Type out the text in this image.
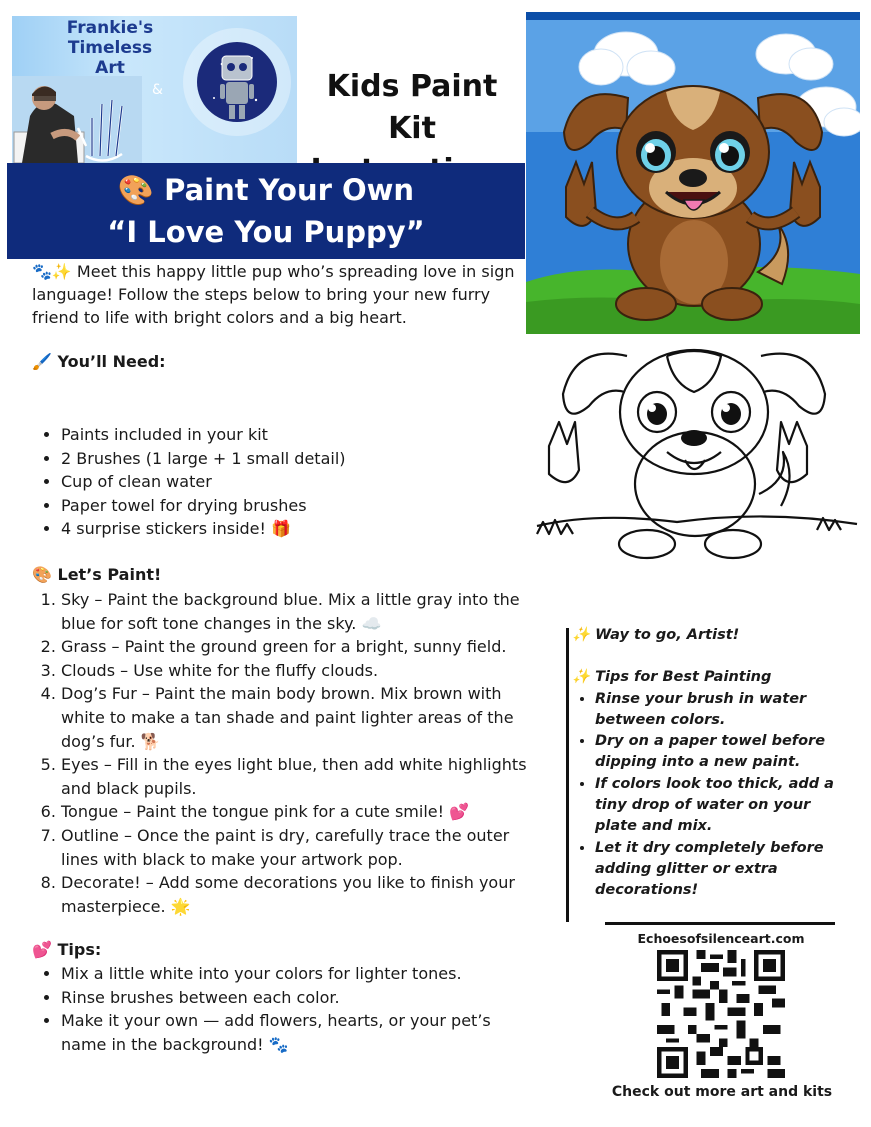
Frankie's Timeless Art
&	Kids Paint Kit
🎨 Paint Your Own
“I Love You Puppy”
🐾✨ Meet this happy little pup who’s spreading love in sign language! Follow the steps below to bring your new furry friend to life with bright colors and a big heart.
🖌️ You’ll Need:
• Paints included in your kit
• 2 Brushes (1 large + 1 small detail)
• Cup of clean water
• Paper towel for drying brushes
• 4 surprise stickers inside! 🎁
🎨 Let’s Paint!
1. Sky – Paint the background blue. Mix a little gray into the blue for soft tone changes in the sky. ☁️
2. Grass – Paint the ground green for a bright, sunny field.
3. Clouds – Use white for the fluffy clouds.
4. Dog’s Fur – Paint the main body brown. Mix brown with white to make a tan shade and paint lighter areas of the dog’s fur. 🐕
5. Eyes – Fill in the eyes light blue, then add white highlights and black pupils.
6. Tongue – Paint the tongue pink for a cute smile! 💕
7. Outline – Once the paint is dry, carefully trace the outer lines with black to make your artwork pop.
8. Decorate! – Add some decorations you like to finish your masterpiece. 🌟
💕 Tips:
• Mix a little white into your colors for lighter tones.
• Rinse brushes between each color.
• Make it your own — add flowers, hearts, or your pet’s name in the background! 🐾
✨ Way to go, Artist!
✨ Tips for Best Painting
• Rinse your brush in water between colors.
• Dry on a paper towel before dipping into a new paint.
• If colors look too thick, add a tiny drop of water on your plate and mix.
• Let it dry completely before adding glitter or extra decorations!
Echoesofsilenceart.com
Check out more art and kits
